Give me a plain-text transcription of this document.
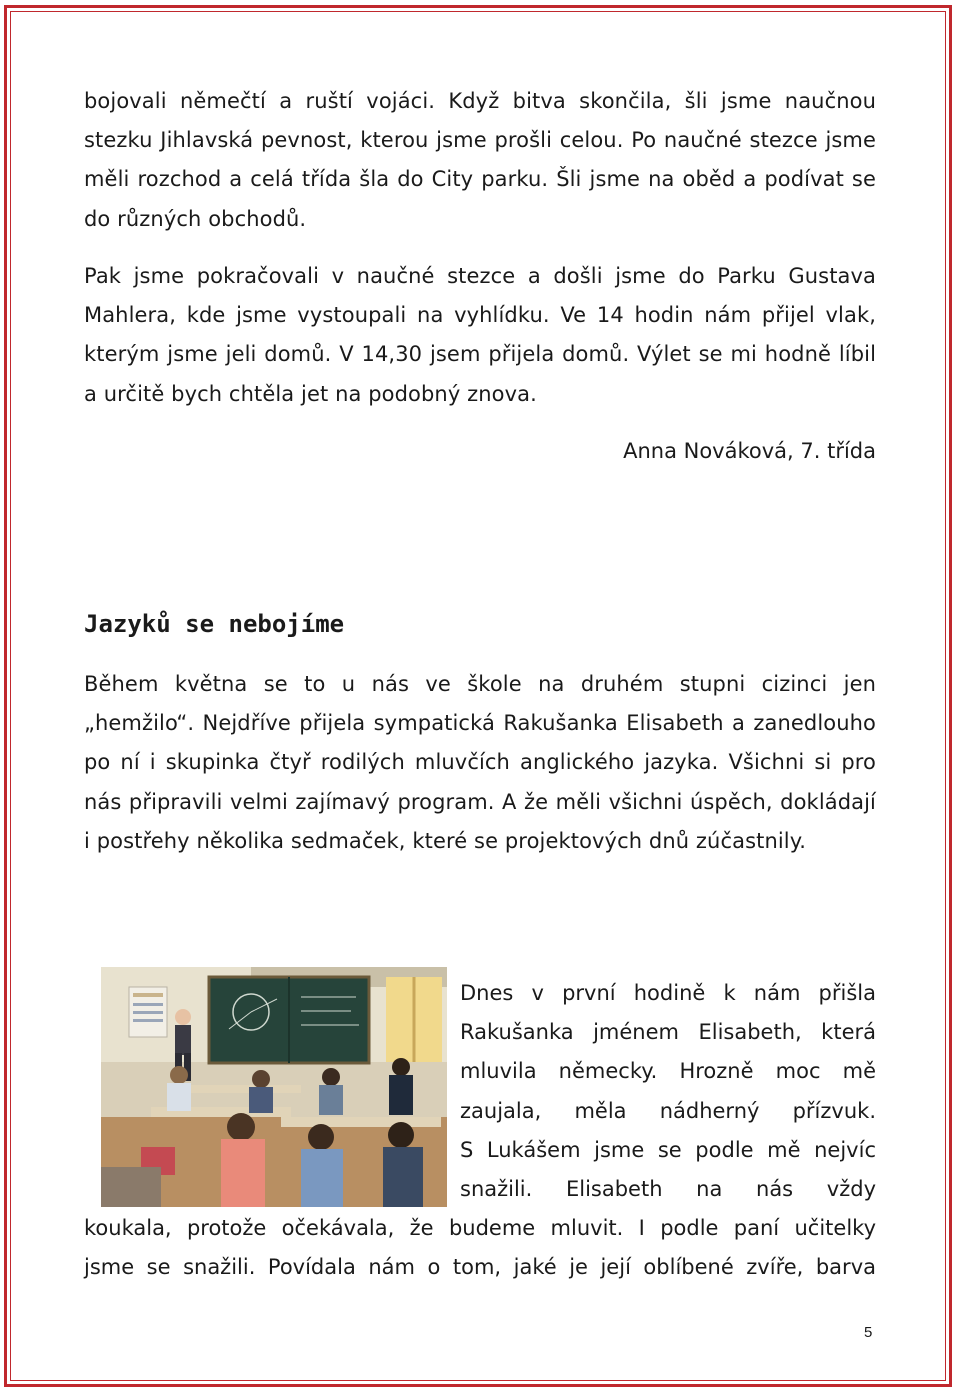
bojovali němečtí a ruští vojáci. Když bitva skončila, šli jsme naučnou stezku Jihlavská pevnost, kterou jsme prošli celou. Po naučné stezce jsme měli rozchod a celá třída šla do City parku. Šli jsme na oběd a podívat se do různých obchodů.

Pak jsme pokračovali v naučné stezce a došli jsme do Parku Gustava Mahlera, kde jsme vystoupali na vyhlídku. Ve 14 hodin nám přijel vlak, kterým jsme jeli domů. V 14,30 jsem přijela domů. Výlet se mi hodně líbil a určitě bych chtěla jet na podobný znova.

Anna Nováková, 7. třída

Jazyků se nebojíme

Během května se to u nás ve škole na druhém stupni cizinci jen „hemžilo“. Nejdříve přijela sympatická Rakušanka Elisabeth a zanedlouho po ní i skupinka čtyř rodilých mluvčích anglického jazyka. Všichni si pro nás připravili velmi zajímavý program. A že měli všichni úspěch, dokládají i postřehy několika sedmaček, které se projektových dnů zúčastnily.

Dnes v první hodině k nám přišla
Rakušanka jménem Elisabeth, která
mluvila německy. Hrozně moc mě
zaujala, měla nádherný přízvuk.
S Lukášem jsme se podle mě nejvíc
snažili. Elisabeth na nás vždy

koukala, protože očekávala, že budeme mluvit. I podle paní učitelky
jsme se snažili. Povídala nám o tom, jaké je její oblíbené zvíře, barva

5
